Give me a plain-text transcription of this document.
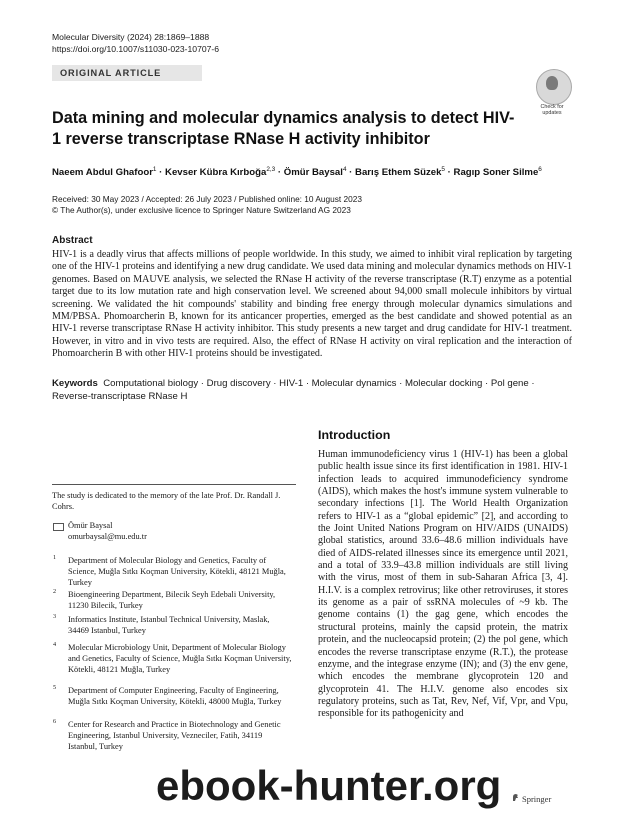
Molecular Diversity (2024) 28:1869–1888
https://doi.org/10.1007/s11030-023-10707-6
ORIGINAL ARTICLE
Check for
updates
Data mining and molecular dynamics analysis to detect HIV-1 reverse transcriptase RNase H activity inhibitor
Naeem Abdul Ghafoor$^1$ · Kevser Kübra Kırboğa$^{2,3}$ · Ömür Baysal$^4$ · Barış Ethem Süzek$^5$ · Ragıp Soner Silme$^6$
Received: 30 May 2023 / Accepted: 26 July 2023 / Published online: 10 August 2023
© The Author(s), under exclusive licence to Springer Nature Switzerland AG 2023
Abstract
HIV-1 is a deadly virus that affects millions of people worldwide. In this study, we aimed to inhibit viral replication by targeting one of the HIV-1 proteins and identifying a new drug candidate. We used data mining and molecular dynamics methods on HIV-1 genomes. Based on MAUVE analysis, we selected the RNase H activity of the reverse transcriptase (R.T) enzyme as a potential target due to its low mutation rate and high conservation level. We screened about 94,000 small molecule inhibitors by virtual screening. We validated the hit compounds' stability and binding free energy through molecular dynamics simulations and MM/PBSA. Phomoarcherin B, known for its anticancer properties, emerged as the best candidate and showed potential as an HIV-1 reverse transcriptase RNase H activity inhibitor. This study presents a new target and drug candidate for HIV-1 treatment. However, in vitro and in vivo tests are required. Also, the effect of RNase H activity on viral replication and the interaction of Phomoarcherin B with other HIV-1 proteins should be investigated.
Keywords Computational biology · Drug discovery · HIV-1 · Molecular dynamics · Molecular docking · Pol gene · Reverse-transcriptase RNase H
Introduction
Human immunodeficiency virus 1 (HIV-1) has been a global public health issue since its first identification in 1981. HIV-1 infection leads to acquired immunodeficiency syndrome (AIDS), which makes the host's immune system vulnerable to secondary infections [1]. The World Health Organization refers to HIV-1 as a “global epidemic” [2], and according to the Joint United Nations Program on HIV/AIDS (UNAIDS) global statistics, around 33.6–48.6 million individuals have died of AIDS-related illnesses since its emergence until 2021, and a total of 33.9–43.8 million individuals are still living with the virus, most of them in sub-Saharan Africa [3, 4]. H.I.V. is a complex retrovirus; like other retroviruses, it stores its genome as a pair of ssRNA molecules of ~9 kb. The genome contains (1) the gag gene, which encodes the structural proteins, mainly the capsid protein, the matrix protein, and the nucleocapsid protein; (2) the pol gene, which encodes the reverse transcriptase enzyme (R.T.), the protease enzyme, and the integrase enzyme (IN); and (3) the env gene, which encodes the membrane glycoprotein 120 and glycoprotein 41. The H.I.V. genome also encodes six regulatory proteins, such as Tat, Rev, Nef, Vif, Vpr, and Vpu, responsible for its pathogenicity and
The study is dedicated to the memory of the late Prof. Dr. Randall J. Cohrs.
Ömür Baysal
omurbaysal@mu.edu.tr
1 Department of Molecular Biology and Genetics, Faculty of Science, Muğla Sıtkı Koçman University, Kötekli, 48121 Muğla, Turkey
2 Bioengineering Department, Bilecik Seyh Edebali University, 11230 Bilecik, Turkey
3 Informatics Institute, Istanbul Technical University, Maslak, 34469 Istanbul, Turkey
4 Molecular Microbiology Unit, Department of Molecular Biology and Genetics, Faculty of Science, Muğla Sıtkı Koçman University, Kötekli, 48121 Muğla, Turkey
5 Department of Computer Engineering, Faculty of Engineering, Muğla Sıtkı Koçman University, Kötekli, 48000 Muğla, Turkey
6 Center for Research and Practice in Biotechnology and Genetic Engineering, Istanbul University, Vezneciler, Fatih, 34119 Istanbul, Turkey
ebook-hunter.org Springer
